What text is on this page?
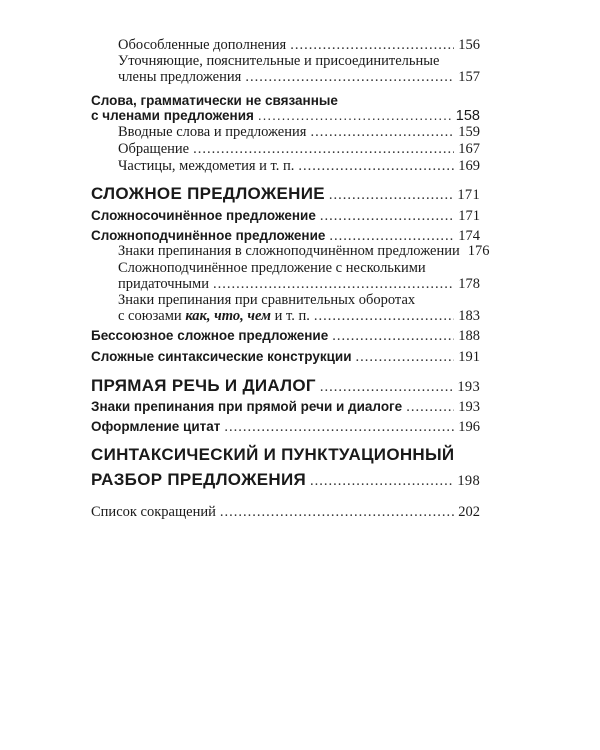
Обособленные дополнения .....	156
Уточняющие, пояснительные и присоединительные
члены предложения .....	157
Слова, грамматически не связанные
с членами предложения .....	158
Вводные слова и предложения .....	159
Обращение .....	167
Частицы, междометия и т. п. .....	169
СЛОЖНОЕ ПРЕДЛОЖЕНИЕ .....	171
Сложносочинённое предложение .....	171
Сложноподчинённое предложение .....	174
Знаки препинания в сложноподчинённом предложении 176
Сложноподчинённое предложение с несколькими
придаточными .....	178
Знаки препинания при сравнительных оборотах
с союзами как, что, чем и т. п. .....	183
Бессоюзное сложное предложение .....	188
Сложные синтаксические конструкции .....	191
ПРЯМАЯ РЕЧЬ И ДИАЛОГ .....	193
Знаки препинания при прямой речи и диалоге .....	193
Оформление цитат .....	196
СИНТАКСИЧЕСКИЙ И ПУНКТУАЦИОННЫЙ
РАЗБОР ПРЕДЛОЖЕНИЯ .....	198
Список сокращений .....	202
